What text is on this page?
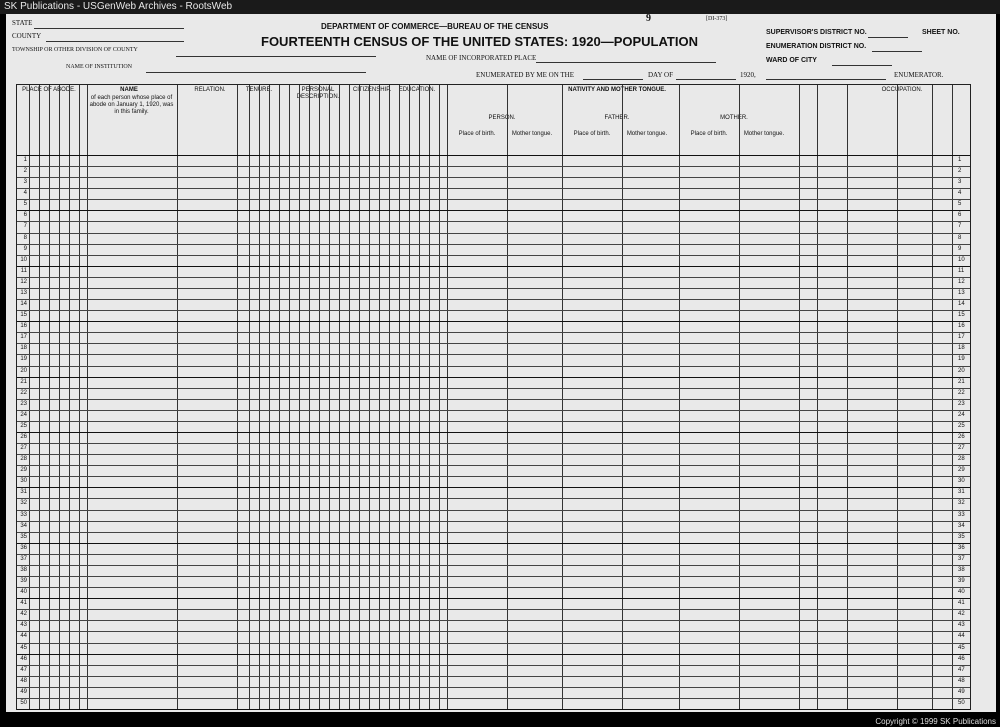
SK Publications - USGenWeb Archives - RootsWeb
STATE
COUNTY
TOWNSHIP OR OTHER DIVISION OF COUNTY
NAME OF INSTITUTION
9	[DI-373]
DEPARTMENT OF COMMERCE—BUREAU OF THE CENSUS
FOURTEENTH CENSUS OF THE UNITED STATES: 1920—POPULATION
NAME OF INCORPORATED PLACE
ENUMERATED BY ME ON THE	DAY OF	1920,	ENUMERATOR.
SUPERVISOR'S DISTRICT NO.	SHEET NO.
ENUMERATION DISTRICT NO.
WARD OF CITY
PLACE OF ABODE.	NAME
of each person whose place of abode on January 1, 1920, was in this family.
RELATION.	TENURE.	PERSONAL DESCRIPTION.
CITIZENSHIP.	EDUCATION.	NATIVITY AND MOTHER TONGUE.
PERSON.	FATHER.	MOTHER.
Place of birth.	Mother tongue.	Place of birth.	Mother tongue.	Place of birth.	Mother tongue.
OCCUPATION.
1	1
2	2
3	3
4	4
5	5
6	6
7	7
8	8
9	9
10	10
11	11
12	12
13	13
14	14
15	15
16	16
17	17
18	18
19	19
20	20
21	21
22	22
23	23
24	24
25	25
26	26
27	27
28	28
29	29
30	30
31	31
32	32
33	33
34	34
35	35
36	36
37	37
38	38
39	39
40	40
41	41
42	42
43	43
44	44
45	45
46	46
47	47
48	48
49	49
50	50
Copyright © 1999 SK Publications
